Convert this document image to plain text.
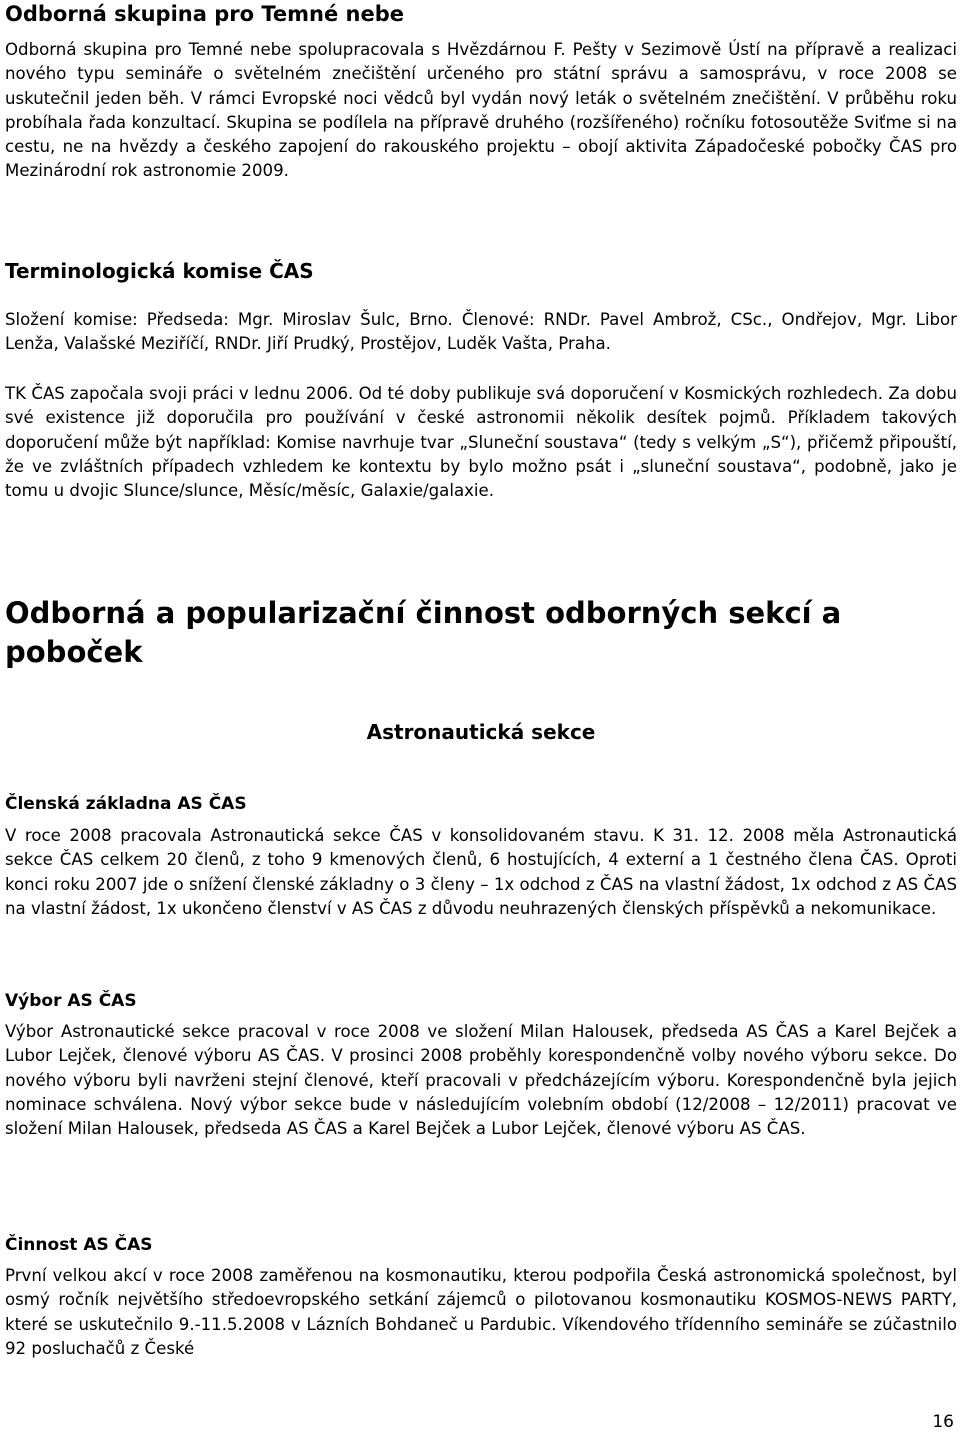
Odborná skupina pro Temné nebe

Odborná skupina pro Temné nebe spolupracovala s Hvězdárnou F. Pešty v Sezimově Ústí na přípravě a realizaci nového typu semináře o světelném znečištění určeného pro státní správu a samosprávu, v roce 2008 se uskutečnil jeden běh. V rámci Evropské noci vědců byl vydán nový leták o světelném znečištění. V průběhu roku probíhala řada konzultací. Skupina se podílela na přípravě druhého (rozšířeného) ročníku fotosoutěže Sviťme si na cestu, ne na hvězdy a českého zapojení do rakouského projektu – obojí aktivita Západočeské pobočky ČAS pro Mezinárodní rok astronomie 2009.

Terminologická komise ČAS

Složení komise: Předseda: Mgr. Miroslav Šulc, Brno. Členové: RNDr. Pavel Ambrož, CSc., Ondřejov, Mgr. Libor Lenža, Valašské Meziříčí, RNDr. Jiří Prudký, Prostějov, Luděk Vašta, Praha.

TK ČAS započala svoji práci v lednu 2006. Od té doby publikuje svá doporučení v Kosmických rozhledech. Za dobu své existence již doporučila pro používání v české astronomii několik desítek pojmů. Příkladem takových doporučení může být například: Komise navrhuje tvar „Sluneční soustava“ (tedy s velkým „S“), přičemž připouští, že ve zvláštních případech vzhledem ke kontextu by bylo možno psát i „sluneční soustava“, podobně, jako je tomu u dvojic Slunce/slunce, Měsíc/měsíc, Galaxie/galaxie.

Odborná a popularizační činnost odborných sekcí a poboček
Astronautická sekce
Členská základna AS ČAS

V roce 2008 pracovala Astronautická sekce ČAS v konsolidovaném stavu. K 31. 12. 2008 měla Astronautická sekce ČAS celkem 20 členů, z toho 9 kmenových členů, 6 hostujících, 4 externí a 1 čestného člena ČAS. Oproti konci roku 2007 jde o snížení členské základny o 3 členy – 1x odchod z ČAS na vlastní žádost, 1x odchod z AS ČAS na vlastní žádost, 1x ukončeno členství v AS ČAS z důvodu neuhrazených členských příspěvků a nekomunikace.

Výbor AS ČAS

Výbor Astronautické sekce pracoval v roce 2008 ve složení Milan Halousek, předseda AS ČAS a Karel Bejček a Lubor Lejček, členové výboru AS ČAS. V prosinci 2008 proběhly korespondenčně volby nového výboru sekce. Do nového výboru byli navrženi stejní členové, kteří pracovali v předcházejícím výboru. Korespondenčně byla jejich nominace schválena. Nový výbor sekce bude v následujícím volebním období (12/2008 – 12/2011) pracovat ve složení Milan Halousek, předseda AS ČAS a Karel Bejček a Lubor Lejček, členové výboru AS ČAS.

Činnost AS ČAS

První velkou akcí v roce 2008 zaměřenou na kosmonautiku, kterou podpořila Česká astronomická společnost, byl osmý ročník největšího středoevropského setkání zájemců o pilotovanou kosmonautiku KOSMOS-NEWS PARTY, které se uskutečnilo 9.-11.5.2008 v Lázních Bohdaneč u Pardubic. Víkendového třídenního semináře se zúčastnilo 92 posluchačů z České

16
